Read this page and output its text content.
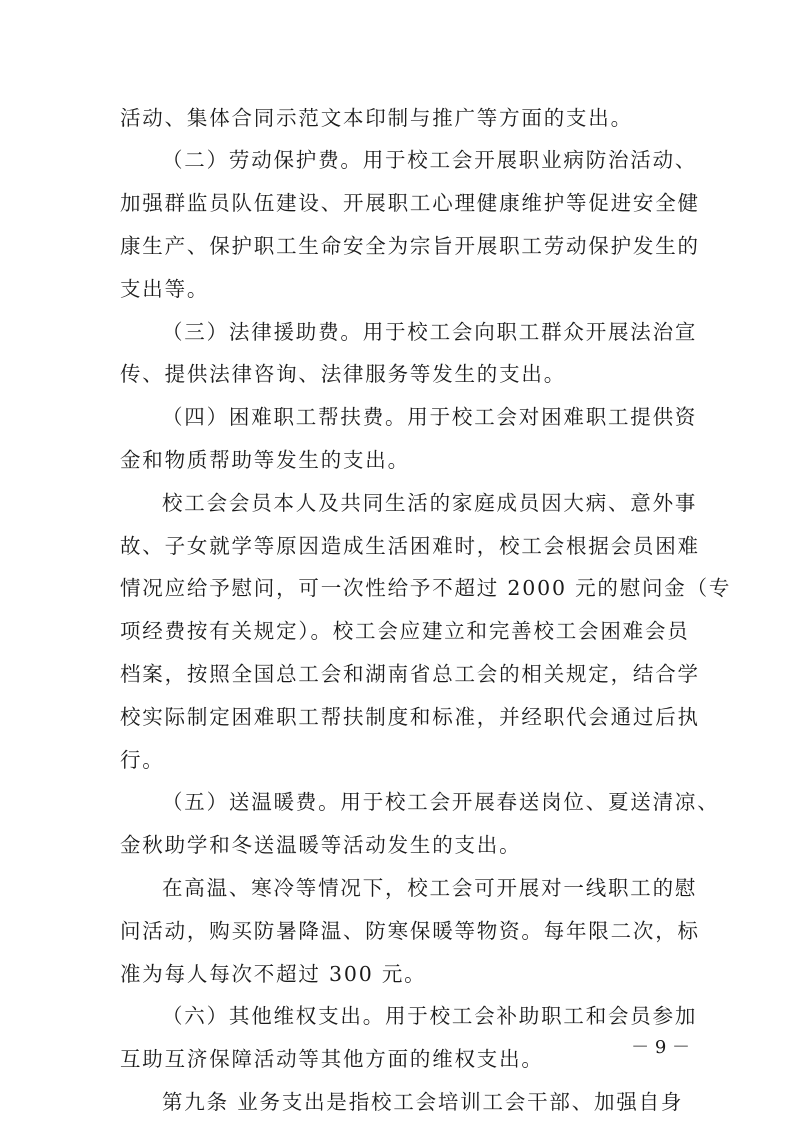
活动、集体合同示范文本印制与推广等方面的支出。
（二）劳动保护费。用于校工会开展职业病防治活动、
加强群监员队伍建设、开展职工心理健康维护等促进安全健
康生产、保护职工生命安全为宗旨开展职工劳动保护发生的
支出等。
（三）法律援助费。用于校工会向职工群众开展法治宣
传、提供法律咨询、法律服务等发生的支出。
（四）困难职工帮扶费。用于校工会对困难职工提供资
金和物质帮助等发生的支出。
校工会会员本人及共同生活的家庭成员因大病、意外事
故、子女就学等原因造成生活困难时，校工会根据会员困难
情况应给予慰问，可一次性给予不超过 2000 元的慰问金（专
项经费按有关规定）。校工会应建立和完善校工会困难会员
档案，按照全国总工会和湖南省总工会的相关规定，结合学
校实际制定困难职工帮扶制度和标准，并经职代会通过后执
行。
（五）送温暖费。用于校工会开展春送岗位、夏送清凉、
金秋助学和冬送温暖等活动发生的支出。
在高温、寒冷等情况下，校工会可开展对一线职工的慰
问活动，购买防暑降温、防寒保暖等物资。每年限二次，标
准为每人每次不超过 300 元。
（六）其他维权支出。用于校工会补助职工和会员参加
互助互济保障活动等其他方面的维权支出。
第九条 业务支出是指校工会培训工会干部、加强自身
－ 9 －
